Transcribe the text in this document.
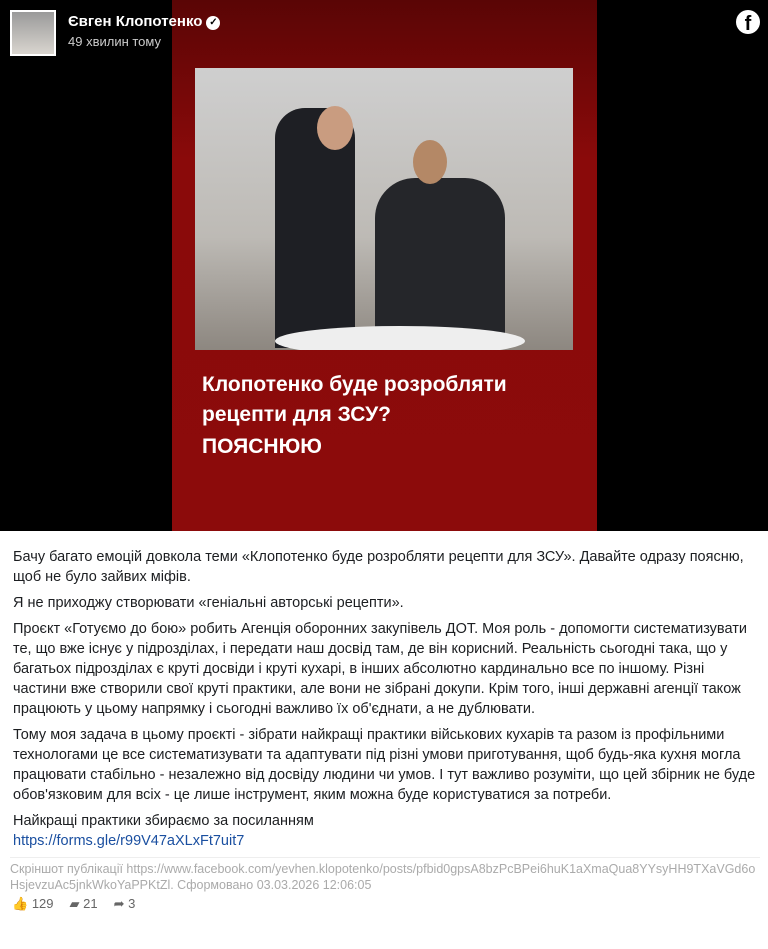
Клопотенко буде розробляти
рецепти для ЗСУ?
ПОЯСНЮЮ
Євген Клопотенко ✓
49 хвилин тому
f

Бачу багато емоцій довкола теми «Клопотенко буде розробляти рецепти для ЗСУ». Давайте одразу поясню, щоб не було зайвих міфів.

Я не приходжу створювати «геніальні авторські рецепти».

Проєкт «Готуємо до бою» робить Агенція оборонних закупівель ДОТ. Моя роль - допомогти систематизувати те, що вже існує у підрозділах, і передати наш досвід там, де він корисний. Реальність сьогодні така, що у багатьох підрозділах є круті досвіди і круті кухарі, в інших абсолютно кардинально все по іншому. Різні частини вже створили свої круті практики, але вони не зібрані докупи. Крім того, інші державні агенції також працюють у цьому напрямку і сьогодні важливо їх об'єднати, а не дублювати.

Тому моя задача в цьому проєкті - зібрати найкращі практики військових кухарів та разом із профільними технологами це все систематизувати та адаптувати під різні умови приготування, щоб будь-яка кухня могла працювати стабільно - незалежно від досвіду людини чи умов. І тут важливо розуміти, що цей збірник не буде обов'язковим для всіх - це лише інструмент, яким можна буде користуватися за потреби.

Найкращі практики збираємо за посиланням
https://forms.gle/r99V47aXLxFt7uit7

Скріншот публікації https://www.facebook.com/yevhen.klopotenko/posts/pfbid0gpsA8bzPcBPei6huK1aXmaQua8YYsyHH9TXaVGd6oHsjevzuAc5jnkWkoYaPPKtZl. Сформовано 03.03.2026 12:06:05
👍 129 ▰ 21 ➦ 3
